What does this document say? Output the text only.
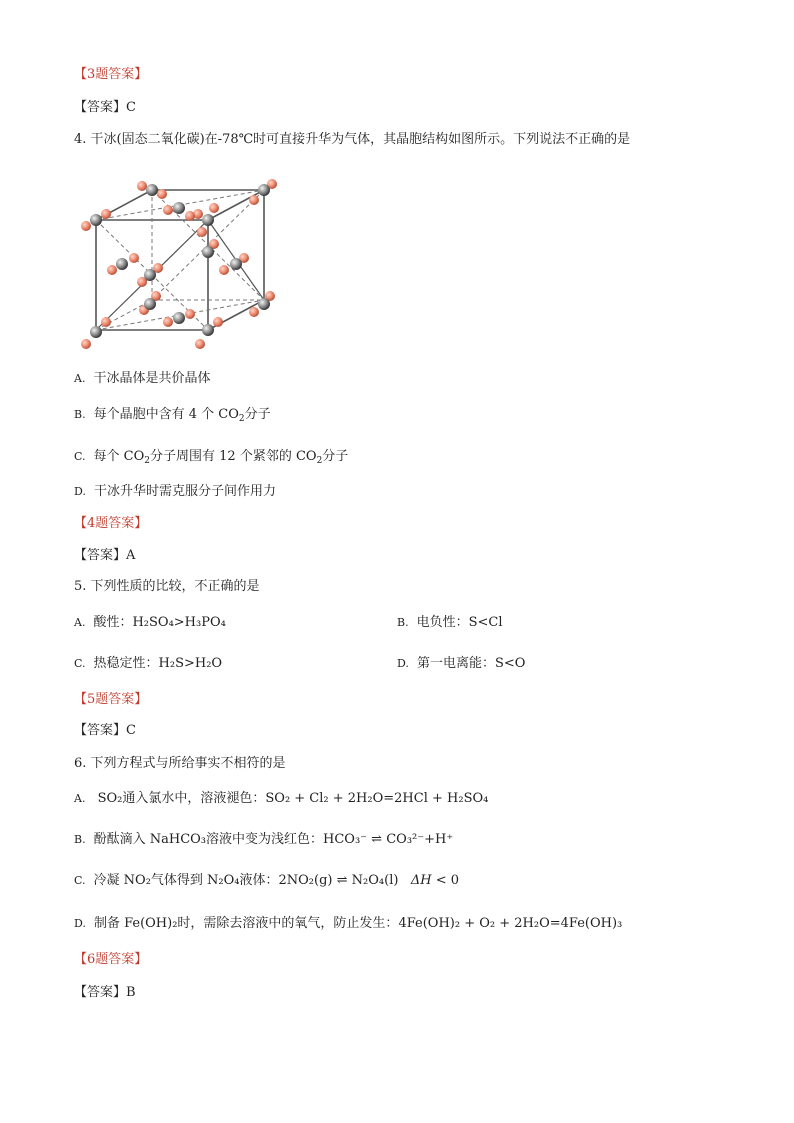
【3题答案】
【答案】C
4. 干冰(固态二氧化碳)在-78℃时可直接升华为气体，其晶胞结构如图所示。下列说法不正确的是
A. 干冰晶体是共价晶体
B. 每个晶胞中含有 4 个 $CO_2$分子
C. 每个 $CO_2$分子周围有 12 个紧邻的 $CO_2$分子
D. 干冰升华时需克服分子间作用力
【4题答案】
【答案】A
5. 下列性质的比较，不正确的是
A. 酸性：H₂SO₄>H₃PO₄	B. 电负性：S<Cl
C. 热稳定性：H₂S>H₂O	D. 第一电离能：S<O
【5题答案】
【答案】C
6. 下列方程式与所给事实不相符的是
A. SO₂通入氯水中，溶液褪色：SO₂ + Cl₂ + 2H₂O=2HCl + H₂SO₄
B. 酚酞滴入 NaHCO₃溶液中变为浅红色：HCO₃⁻ ⇌ CO₃²⁻+H⁺
C. 冷凝 NO₂气体得到 N₂O₄液体：2NO₂(g) ⇌ N₂O₄(l) ΔH < 0
D. 制备 Fe(OH)₂时，需除去溶液中的氧气，防止发生：4Fe(OH)₂ + O₂ + 2H₂O=4Fe(OH)₃
【6题答案】
【答案】B
